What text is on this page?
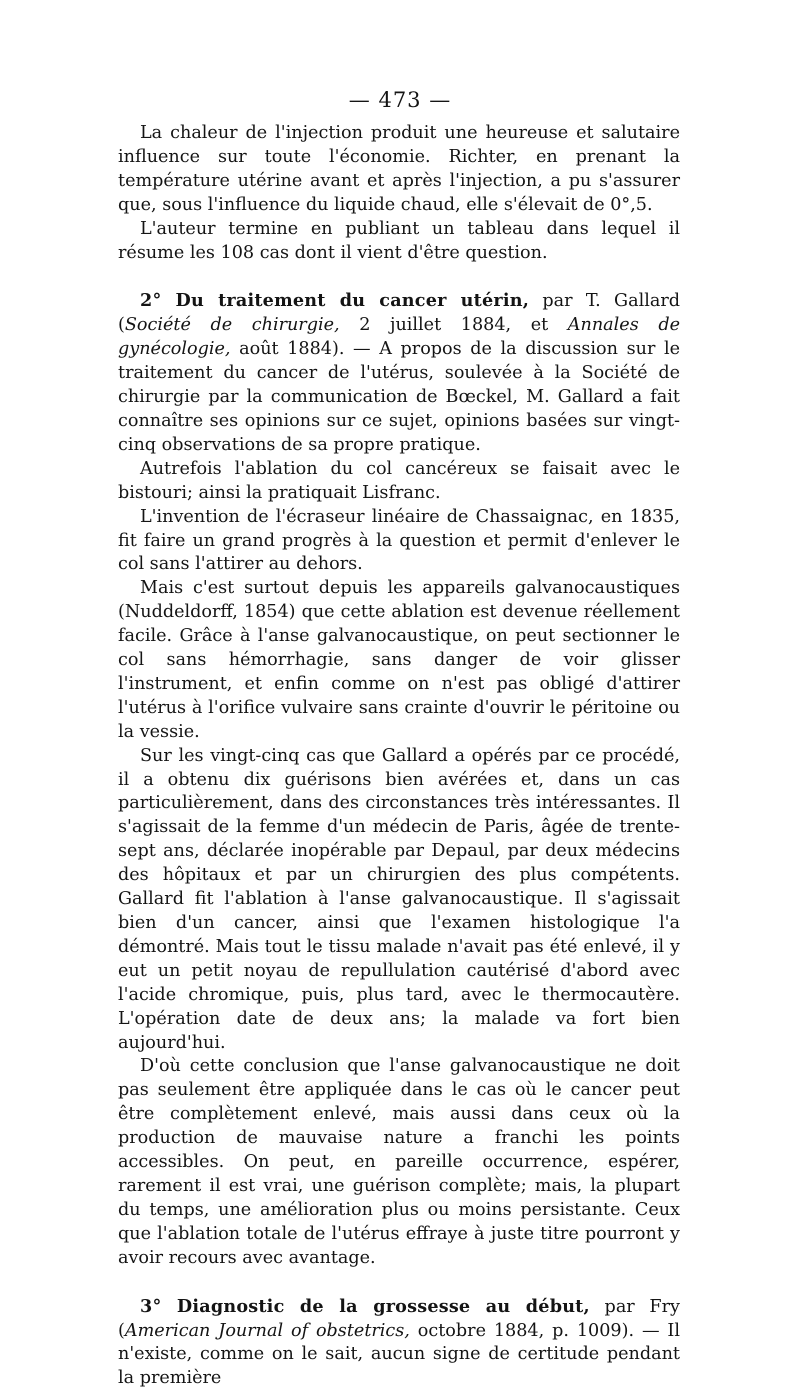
— 473 —

La chaleur de l'injection produit une heureuse et salutaire influence sur toute l'économie. Richter, en prenant la température utérine avant et après l'injection, a pu s'assurer que, sous l'influence du liquide chaud, elle s'élevait de 0°,5.

L'auteur termine en publiant un tableau dans lequel il résume les 108 cas dont il vient d'être question.

2° Du traitement du cancer utérin, par T. Gallard (Société de chirurgie, 2 juillet 1884, et Annales de gynécologie, août 1884). — A propos de la discussion sur le traitement du cancer de l'utérus, soulevée à la Société de chirurgie par la communication de Bœckel, M. Gallard a fait connaître ses opinions sur ce sujet, opinions basées sur vingt-cinq observations de sa propre pratique.

Autrefois l'ablation du col cancéreux se faisait avec le bistouri; ainsi la pratiquait Lisfranc.

L'invention de l'écraseur linéaire de Chassaignac, en 1835, fit faire un grand progrès à la question et permit d'enlever le col sans l'attirer au dehors.

Mais c'est surtout depuis les appareils galvanocaustiques (Nuddeldorff, 1854) que cette ablation est devenue réellement facile. Grâce à l'anse galvanocaustique, on peut sectionner le col sans hémorrhagie, sans danger de voir glisser l'instrument, et enfin comme on n'est pas obligé d'attirer l'utérus à l'orifice vulvaire sans crainte d'ouvrir le péritoine ou la vessie.

Sur les vingt-cinq cas que Gallard a opérés par ce procédé, il a obtenu dix guérisons bien avérées et, dans un cas particulièrement, dans des circonstances très intéressantes. Il s'agissait de la femme d'un médecin de Paris, âgée de trente-sept ans, déclarée inopérable par Depaul, par deux médecins des hôpitaux et par un chirurgien des plus compétents. Gallard fit l'ablation à l'anse galvanocaustique. Il s'agissait bien d'un cancer, ainsi que l'examen histologique l'a démontré. Mais tout le tissu malade n'avait pas été enlevé, il y eut un petit noyau de repullulation cautérisé d'abord avec l'acide chromique, puis, plus tard, avec le thermocautère. L'opération date de deux ans; la malade va fort bien aujourd'hui.

D'où cette conclusion que l'anse galvanocaustique ne doit pas seulement être appliquée dans le cas où le cancer peut être complètement enlevé, mais aussi dans ceux où la production de mauvaise nature a franchi les points accessibles. On peut, en pareille occurrence, espérer, rarement il est vrai, une guérison complète; mais, la plupart du temps, une amélioration plus ou moins persistante. Ceux que l'ablation totale de l'utérus effraye à juste titre pourront y avoir recours avec avantage.

3° Diagnostic de la grossesse au début, par Fry (American Journal of obstetrics, octobre 1884, p. 1009). — Il n'existe, comme on le sait, aucun signe de certitude pendant la première
